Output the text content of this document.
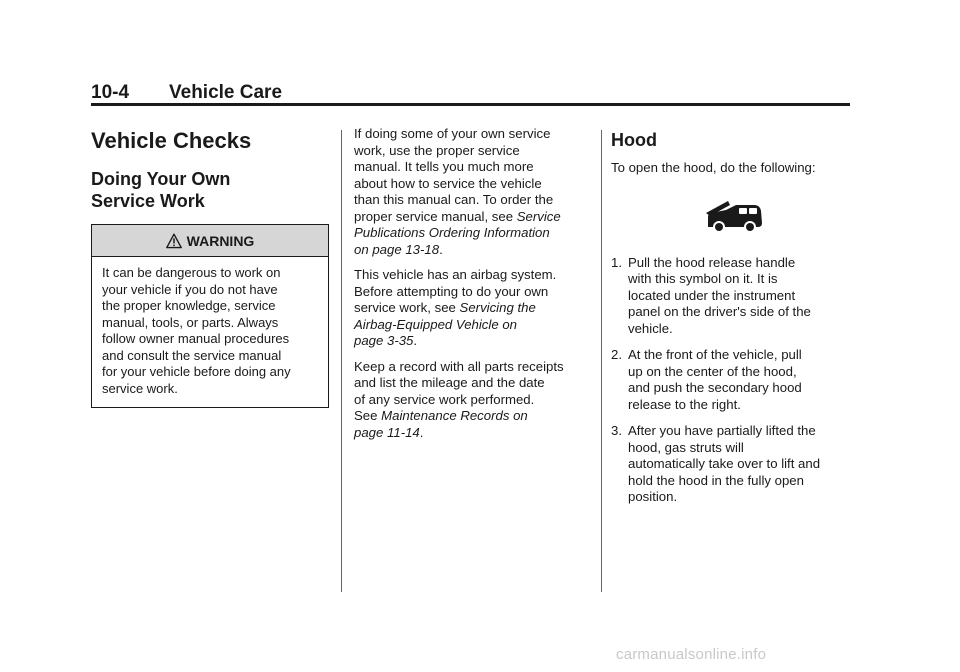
10-4 Vehicle Care
Vehicle Checks
Doing Your Own
Service Work
WARNING
It can be dangerous to work on
your vehicle if you do not have
the proper knowledge, service
manual, tools, or parts. Always
follow owner manual procedures
and consult the service manual
for your vehicle before doing any
service work.
If doing some of your own service
work, use the proper service
manual. It tells you much more
about how to service the vehicle
than this manual can. To order the
proper service manual, see Service
Publications Ordering Information
on page 13-18.
This vehicle has an airbag system.
Before attempting to do your own
service work, see Servicing the
Airbag-Equipped Vehicle on
page 3-35.
Keep a record with all parts receipts
and list the mileage and the date
of any service work performed.
See Maintenance Records on
page 11-14.
Hood
To open the hood, do the following:
1. Pull the hood release handle
with this symbol on it. It is
located under the instrument
panel on the driver's side of the
vehicle.
2. At the front of the vehicle, pull
up on the center of the hood,
and push the secondary hood
release to the right.
3. After you have partially lifted the
hood, gas struts will
automatically take over to lift and
hold the hood in the fully open
position.
carmanualsonline.info
